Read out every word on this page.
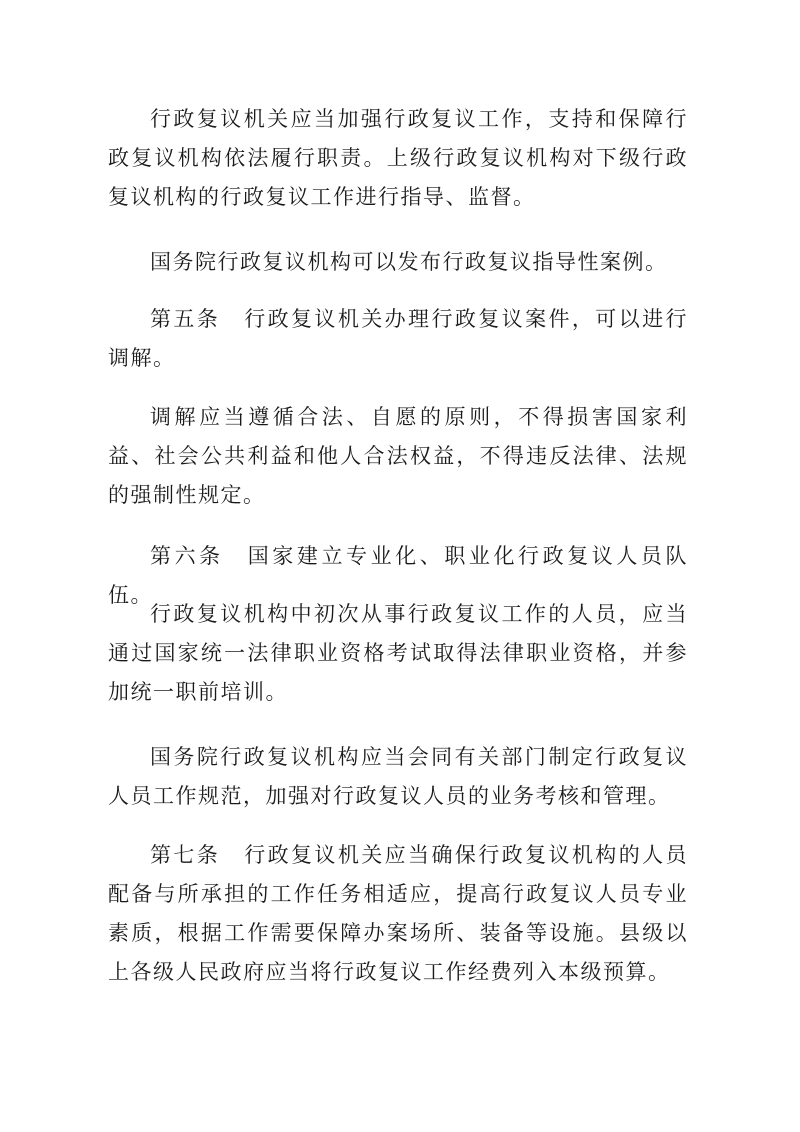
行政复议机关应当加强行政复议工作，支持和保障行政复议机构依法履行职责。上级行政复议机构对下级行政复议机构的行政复议工作进行指导、监督。

国务院行政复议机构可以发布行政复议指导性案例。

第五条 行政复议机关办理行政复议案件，可以进行调解。

调解应当遵循合法、自愿的原则，不得损害国家利益、社会公共利益和他人合法权益，不得违反法律、法规的强制性规定。

第六条 国家建立专业化、职业化行政复议人员队伍。

行政复议机构中初次从事行政复议工作的人员，应当通过国家统一法律职业资格考试取得法律职业资格，并参加统一职前培训。

国务院行政复议机构应当会同有关部门制定行政复议人员工作规范，加强对行政复议人员的业务考核和管理。

第七条 行政复议机关应当确保行政复议机构的人员配备与所承担的工作任务相适应，提高行政复议人员专业素质，根据工作需要保障办案场所、装备等设施。县级以上各级人民政府应当将行政复议工作经费列入本级预算。
